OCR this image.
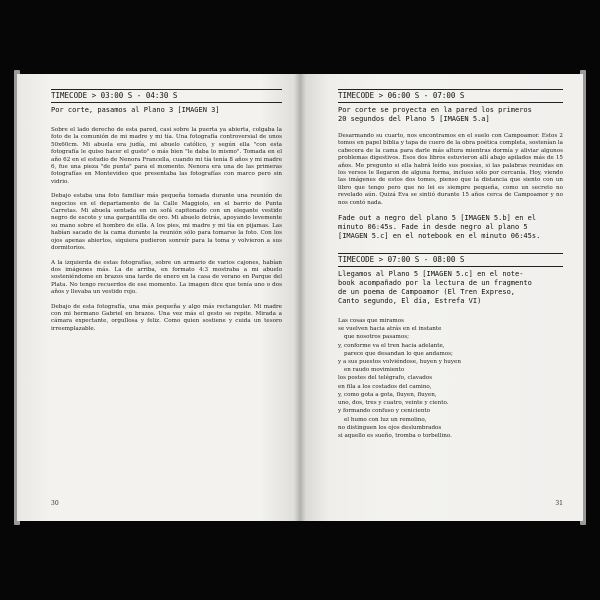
TIMECODE > 03:00 S - 04:30 S
Por corte, pasamos al Plano 3 [IMAGEN 3]

Sobre el lado derecho de esta pared, casi sobre la puerta ya abierta, colgaba la foto de la comunión de mi madre y mi tía. Una fotografía controversial de unos 50x60cm. Mi abuela era judía, mi abuelo católico, y según ella "con esta fotografía le quiso hacer el gusto" o más bien "le daba lo mismo". Tomada en el año 62 en el estudio de Nenora Francella, cuando mi tía tenía 8 años y mi madre 6, fue una pieza "de punta" para el momento. Nenora era una de las primeras fotografías en Montevideo que presentaba las fotografías con marco pero sin vidrio.

Debajo estaba una foto familiar más pequeña tomada durante una reunión de negocios en el departamento de la Calle Maggiolo, en el barrio de Punta Carretas. Mi abuela sentada en un sofá capitonado con un elegante vestido negro de escote y una gargantilla de oro. Mi abuelo detrás, apoyando levemente su mano sobre el hombro de ella. A los pies, mi madre y mi tía en pijamas. Las habían sacado de la cama durante la reunión sólo para tomarse la foto. Con los ojos apenas abiertos, siquiera pudieron sonreír para la toma y volvieron a sus dormitorios.

A la izquierda de estas fotografías, sobre un armario de varios cajones, habían dos imágenes más. La de arriba, en formato 4:3 mostraba a mi abuelo sosteniéndome en brazos una tarde de enero en la casa de verano en Parque del Plata. No tengo recuerdos de ese momento. La imagen dice que tenía uno o dos años y llevaba un vestido rojo.

Debajo de esta fotografía, una más pequeña y algo más rectangular. Mi madre con mi hermano Gabriel en brazos. Una vez más el gesto se repite. Mirada a cámara expectante, orgullosa y feliz. Como quien sostiene y cuida un tesoro irreemplazable.

30
TIMECODE > 06:00 S - 07:00 S
Por corte se proyecta en la pared los primeros
20 segundos del Plano 5 [IMAGEN 5.a]

Desarmando su cuarto, nos encontramos en el suelo con Campoamor. Estos 2 tomos en papel biblia y tapa de cuero de la obra poética completa, sostenían la cabecera de la cama para darle más altura mientras dormía y aliviar algunos problemas digestivos. Esos dos libros estuvieron allí abajo apilados más de 15 años. Me pregunto si ella habrá leído sus poesías, si las palabras reunidas en los versos le llegaron de alguna forma, incluso sólo por cercanía. Hoy, viendo las imágenes de estos dos tomes, pienso que la distancia que siento con un libro que tengo pero que no lei es siempre pequeña, como un secreto no revelado aún. Quizá Eva se sintió durante 15 años cerca de Campoamor y no nos contó nada.

Fade out a negro del plano 5 [IMAGEN 5.b] en el
minuto 06:45s. Fade in desde negro al plano 5
[IMAGEN 5.c] en el notebook en el minuto 06:45s.
TIMECODE > 07:00 S - 08:00 S
Llegamos al Plano 5 [IMAGEN 5.c] en el note-
book acompañado por la lectura de un fragmento
de un poema de Campoamor (El Tren Expreso,
Canto segundo, El día, Estrefa VI)
Las cosas que miramos
se vuelven hacia atrás en el instante
que nosotros pasamos;
y, conforme va el tren hacia adelante,
parece que desandan lo que andamos;
y a sus puestos volviéndose, huyen y huyen
en raudo movimiento
los postes del telégrafo, clavados
en fila a los costados del camino,
y, como gota a gota, fluyen, fluyen,
uno, dos, tres y cuatro, veinte y ciento.
y formando confuso y ceniciento
el humo con luz un remolino,
no distinguen los ojos deslumbrados
si aquello es sueño, tromba o torbellino.
31
